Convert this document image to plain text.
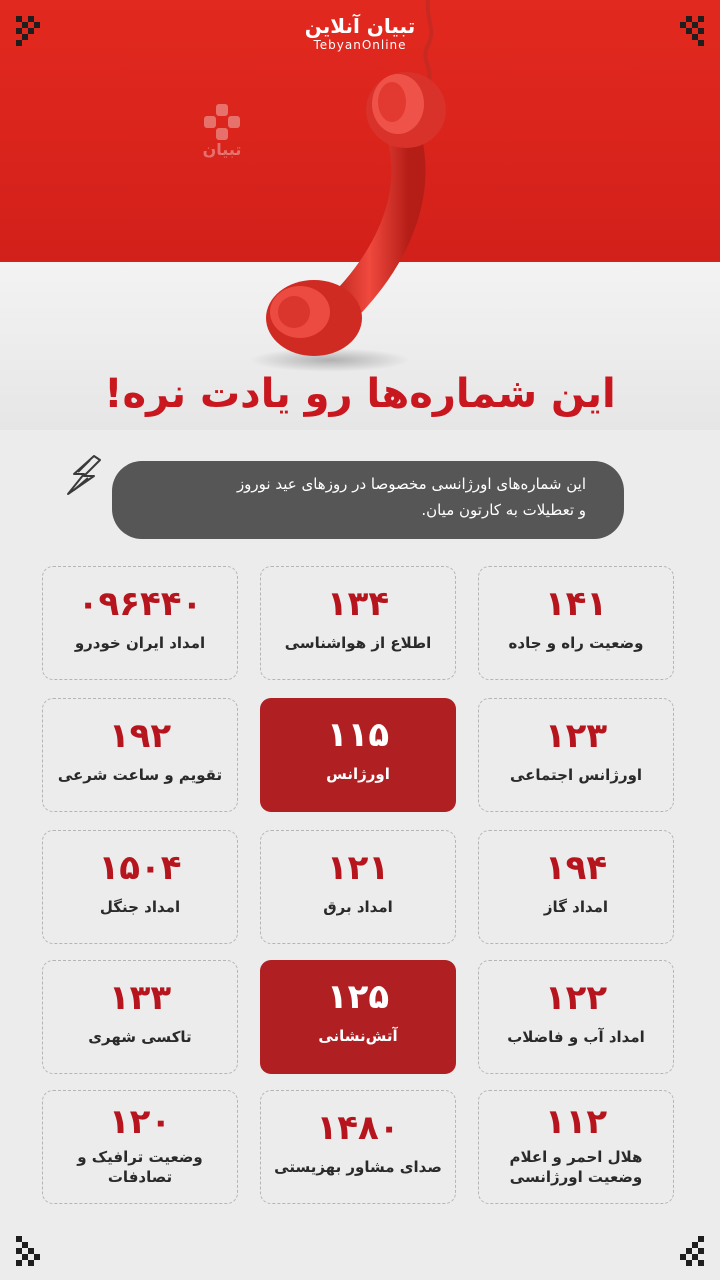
تبیان آنلاین
TebyanOnline
تبیان
این شماره‌ها رو یادت نره!
این شماره‌های اورژانسی مخصوصا در روزهای عید نوروز
و تعطیلات به کارتون میان.
۱۴۱
وضعیت راه و جاده
۱۳۴
اطلاع از هواشناسی
۰۹۶۴۴۰
امداد ایران خودرو
۱۲۳
اورژانس اجتماعی
۱۱۵
اورژانس
۱۹۲
تقویم و ساعت شرعی
۱۹۴
امداد گاز
۱۲۱
امداد برق
۱۵۰۴
امداد جنگل
۱۲۲
امداد آب و فاضلاب
۱۲۵
آتش‌نشانی
۱۳۳
تاکسی شهری
۱۱۲
هلال احمر و اعلام وضعیت اورژانسی
۱۴۸۰
صدای مشاور بهزیستی
۱۲۰
وضعیت ترافیک و تصادفات
